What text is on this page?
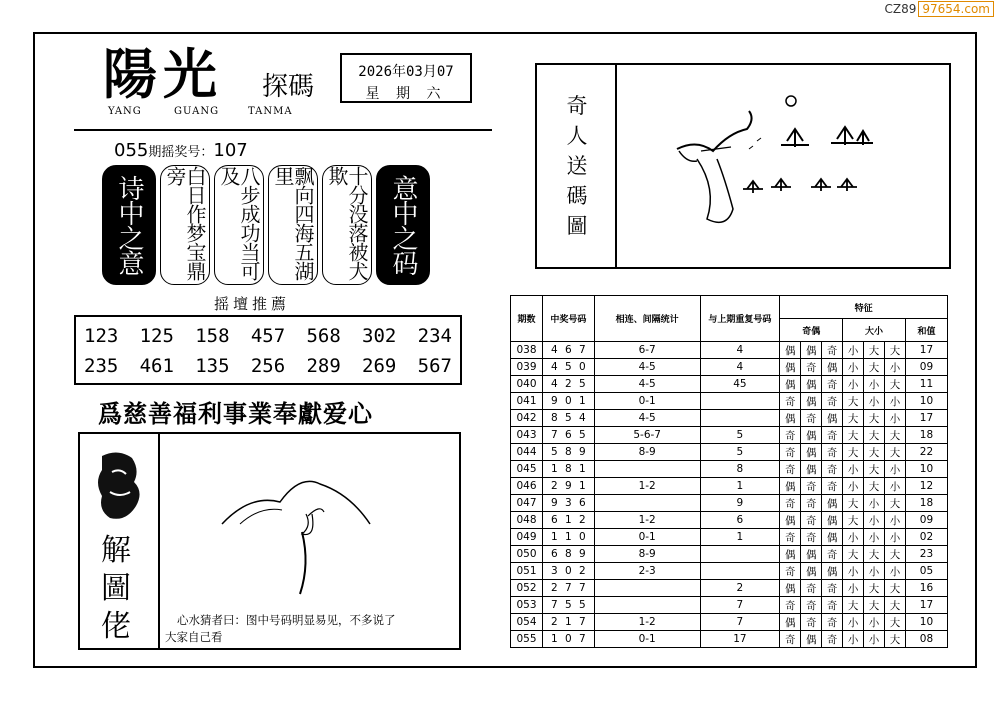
CZ89 97654.com
陽光 探碼
YANG	GUANG	TANMA
2026年03月07
星 期 六
055期摇奖号：107
诗中之意	白日作梦宝鼎旁	八步成功当可及	飘向四海五湖里	十分没落被犬欺	意中之码
摇壇推薦
123 125 158 457 568 302 234
235 461 135 256 289 269 567
爲慈善福利事業奉獻爱心
解圖佬	心水猜者曰：图中号码明显易见，不多说了
大家自己看
奇人送碼圖
期数	中奖号码	相连、间隔统计	与上期重复号码	特征						
				奇偶			大小			和值
038	4 6 7	6-7	4	偶	偶	奇	小	大	大	17
039	4 5 0	4-5	4	偶	奇	偶	小	大	小	09
040	4 2 5	4-5	45	偶	偶	奇	小	小	大	11
041	9 0 1	0-1		奇	偶	奇	大	小	小	10
042	8 5 4	4-5		偶	奇	偶	大	大	小	17
043	7 6 5	5-6-7	5	奇	偶	奇	大	大	大	18
044	5 8 9	8-9	5	奇	偶	奇	大	大	大	22
045	1 8 1		8	奇	偶	奇	小	大	小	10
046	2 9 1	1-2	1	偶	奇	奇	小	大	小	12
047	9 3 6		9	奇	奇	偶	大	小	大	18
048	6 1 2	1-2	6	偶	奇	偶	大	小	小	09
049	1 1 0	0-1	1	奇	奇	偶	小	小	小	02
050	6 8 9	8-9		偶	偶	奇	大	大	大	23
051	3 0 2	2-3		奇	偶	偶	小	小	小	05
052	2 7 7		2	偶	奇	奇	小	大	大	16
053	7 5 5		7	奇	奇	奇	大	大	大	17
054	2 1 7	1-2	7	偶	奇	奇	小	小	大	10
055	1 0 7	0-1	17	奇	偶	奇	小	小	大	08
